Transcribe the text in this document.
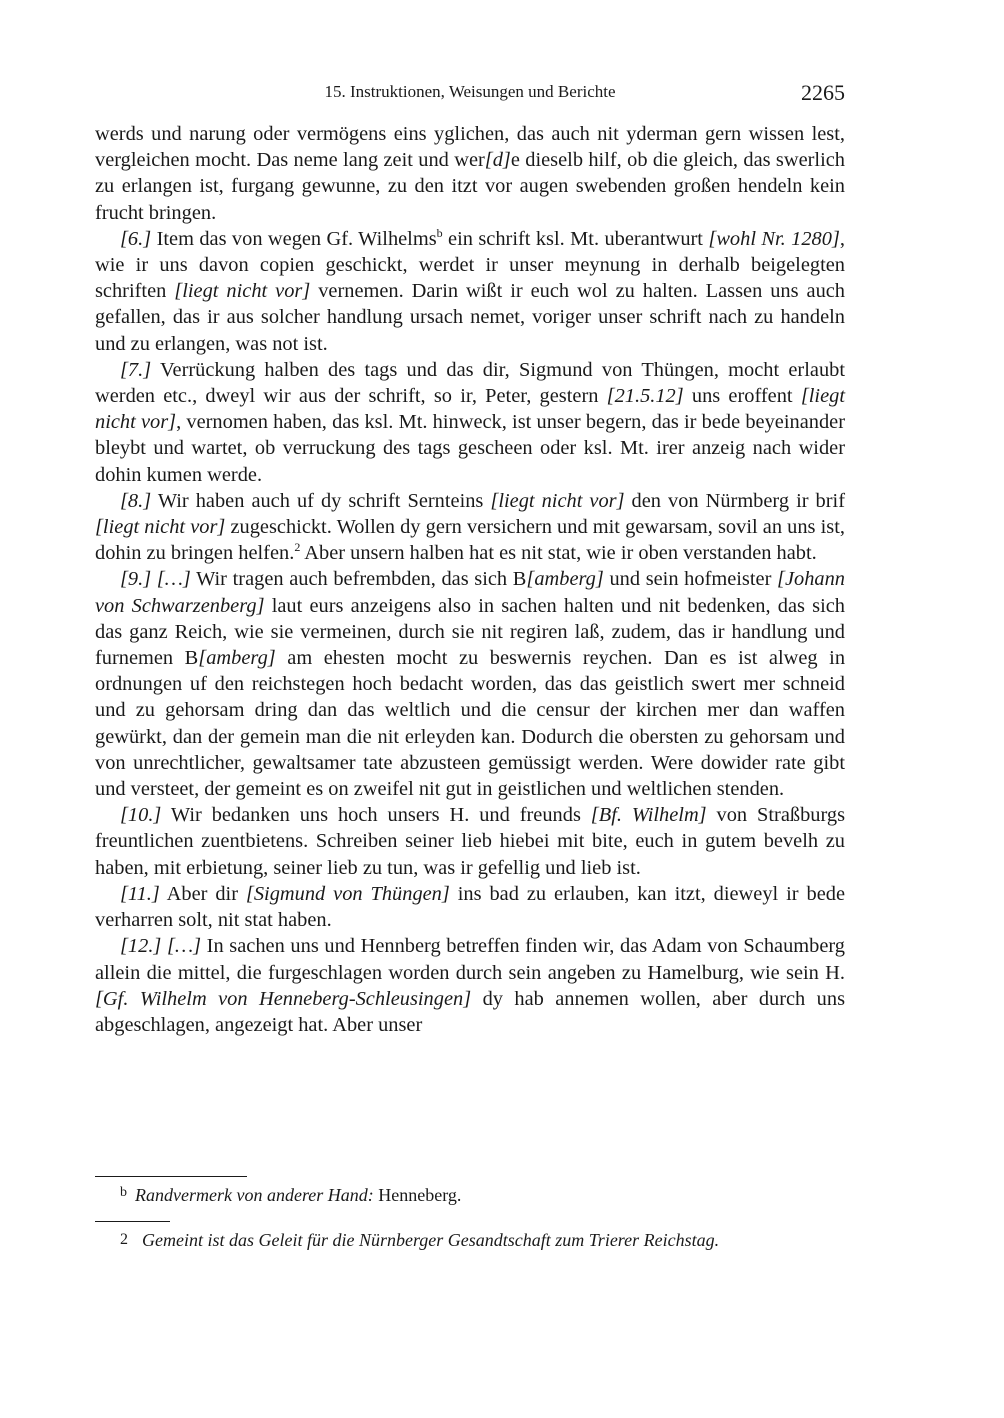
15. Instruktionen, Weisungen und Berichte	2265

werds und narung oder vermögens eins yglichen, das auch nit yderman gern wissen lest, vergleichen mocht. Das neme lang zeit und wer[d]e dieselb hilf, ob die gleich, das swerlich zu erlangen ist, furgang gewunne, zu den itzt vor augen swebenden großen hendeln kein frucht bringen.

[6.] Item das von wegen Gf. Wilhelms$^b$ ein schrift ksl. Mt. uberantwurt [wohl Nr. 1280], wie ir uns davon copien geschickt, werdet ir unser meynung in derhalb beigelegten schriften [liegt nicht vor] vernemen. Darin wißt ir euch wol zu halten. Lassen uns auch gefallen, das ir aus solcher handlung ursach nemet, voriger unser schrift nach zu handeln und zu erlangen, was not ist.

[7.] Verrückung halben des tags und das dir, Sigmund von Thüngen, mocht erlaubt werden etc., dweyl wir aus der schrift, so ir, Peter, gestern [21.5.12] uns eroffent [liegt nicht vor], vernomen haben, das ksl. Mt. hinweck, ist unser begern, das ir bede beyeinander bleybt und wartet, ob verruckung des tags gescheen oder ksl. Mt. irer anzeig nach wider dohin kumen werde.

[8.] Wir haben auch uf dy schrift Sernteins [liegt nicht vor] den von Nürmberg ir brif [liegt nicht vor] zugeschickt. Wollen dy gern versichern und mit gewarsam, sovil an uns ist, dohin zu bringen helfen.$^2$ Aber unsern halben hat es nit stat, wie ir oben verstanden habt.

[9.] […] Wir tragen auch befrembden, das sich B[amberg] und sein hofmeister [Johann von Schwarzenberg] laut eurs anzeigens also in sachen halten und nit bedenken, das sich das ganz Reich, wie sie vermeinen, durch sie nit regiren laß, zudem, das ir handlung und furnemen B[amberg] am ehesten mocht zu beswernis reychen. Dan es ist alweg in ordnungen uf den reichstegen hoch bedacht worden, das das geistlich swert mer schneid und zu gehorsam dring dan das weltlich und die censur der kirchen mer dan waffen gewürkt, dan der gemein man die nit erleyden kan. Dodurch die obersten zu gehorsam und von unrechtlicher, gewaltsamer tate abzusteen gemüssigt werden. Were dowider rate gibt und versteet, der gemeint es on zweifel nit gut in geistlichen und weltlichen stenden.

[10.] Wir bedanken uns hoch unsers H. und freunds [Bf. Wilhelm] von Straßburgs freuntlichen zuentbietens. Schreiben seiner lieb hiebei mit bite, euch in gutem bevelh zu haben, mit erbietung, seiner lieb zu tun, was ir gefellig und lieb ist.

[11.] Aber dir [Sigmund von Thüngen] ins bad zu erlauben, kan itzt, dieweyl ir bede verharren solt, nit stat haben.

[12.] […] In sachen uns und Hennberg betreffen finden wir, das Adam von Schaumberg allein die mittel, die furgeschlagen worden durch sein angeben zu Hamelburg, wie sein H. [Gf. Wilhelm von Henneberg-Schleusingen] dy hab annemen wollen, aber durch uns abgeschlagen, angezeigt hat. Aber unser

$^b$ Randvermerk von anderer Hand: Henneberg.
2 Gemeint ist das Geleit für die Nürnberger Gesandtschaft zum Trierer Reichstag.
